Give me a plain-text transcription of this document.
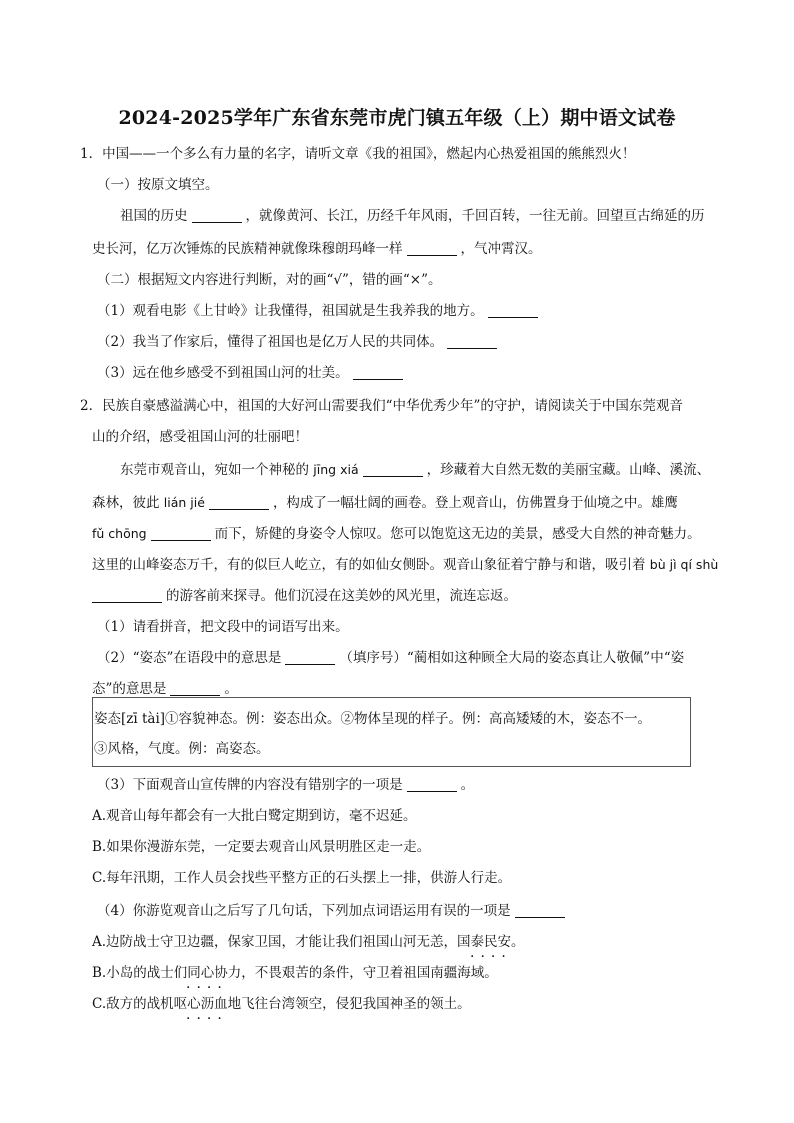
2024-2025学年广东省东莞市虎门镇五年级（上）期中语文试卷
1．中国——一个多么有力量的名字，请听文章《我的祖国》，燃起内心热爱祖国的熊熊烈火！
（一）按原文填空。
祖国的历史	，就像黄河、长江，历经千年风雨，千回百转，一往无前。回望亘古绵延的历
史长河，亿万次锤炼的民族精神就像珠穆朗玛峰一样	，气冲霄汉。
（二）根据短文内容进行判断，对的画“√”，错的画“×”。
（1）观看电影《上甘岭》让我懂得，祖国就是生我养我的地方。
（2）我当了作家后，懂得了祖国也是亿万人民的共同体。
（3）远在他乡感受不到祖国山河的壮美。
2．民族自豪感溢满心中，祖国的大好河山需要我们“中华优秀少年”的守护，请阅读关于中国东莞观音
山的介绍，感受祖国山河的壮丽吧！
东莞市观音山，宛如一个神秘的 jīng xiá	，珍藏着大自然无数的美丽宝藏。山峰、溪流、
森林，彼此 lián jié	，构成了一幅壮阔的画卷。登上观音山，仿佛置身于仙境之中。雄鹰
fǔ chōng	而下，矫健的身姿令人惊叹。您可以饱览这无边的美景，感受大自然的神奇魅力。
这里的山峰姿态万千，有的似巨人屹立，有的如仙女侧卧。观音山象征着宁静与和谐，吸引着 bù jì qí shù
的游客前来探寻。他们沉浸在这美妙的风光里，流连忘返。
（1）请看拼音，把文段中的词语写出来。
（2）“姿态”在语段中的意思是	（填序号）“蔺相如这种顾全大局的姿态真让人敬佩”中“姿
态”的意思是	。
姿态[zī tài]①容貌神态。例：姿态出众。②物体呈现的样子。例：高高矮矮的木，姿态不一。
③风格，气度。例：高姿态。
（3）下面观音山宣传牌的内容没有错别字的一项是	。
A.观音山每年都会有一大批白鹭定期到访，毫不迟延。
B.如果你漫游东莞，一定要去观音山风景明胜区走一走。
C.每年汛期，工作人员会找些平整方正的石头摆上一排，供游人行走。
（4）你游览观音山之后写了几句话，下列加点词语运用有误的一项是
A.边防战士守卫边疆，保家卫国，才能让我们祖国山河无恙，国泰民安。
B.小岛的战士们同心协力，不畏艰苦的条件，守卫着祖国南疆海域。
C.敌方的战机呕心沥血地飞往台湾领空，侵犯我国神圣的领土。
····
····
····
